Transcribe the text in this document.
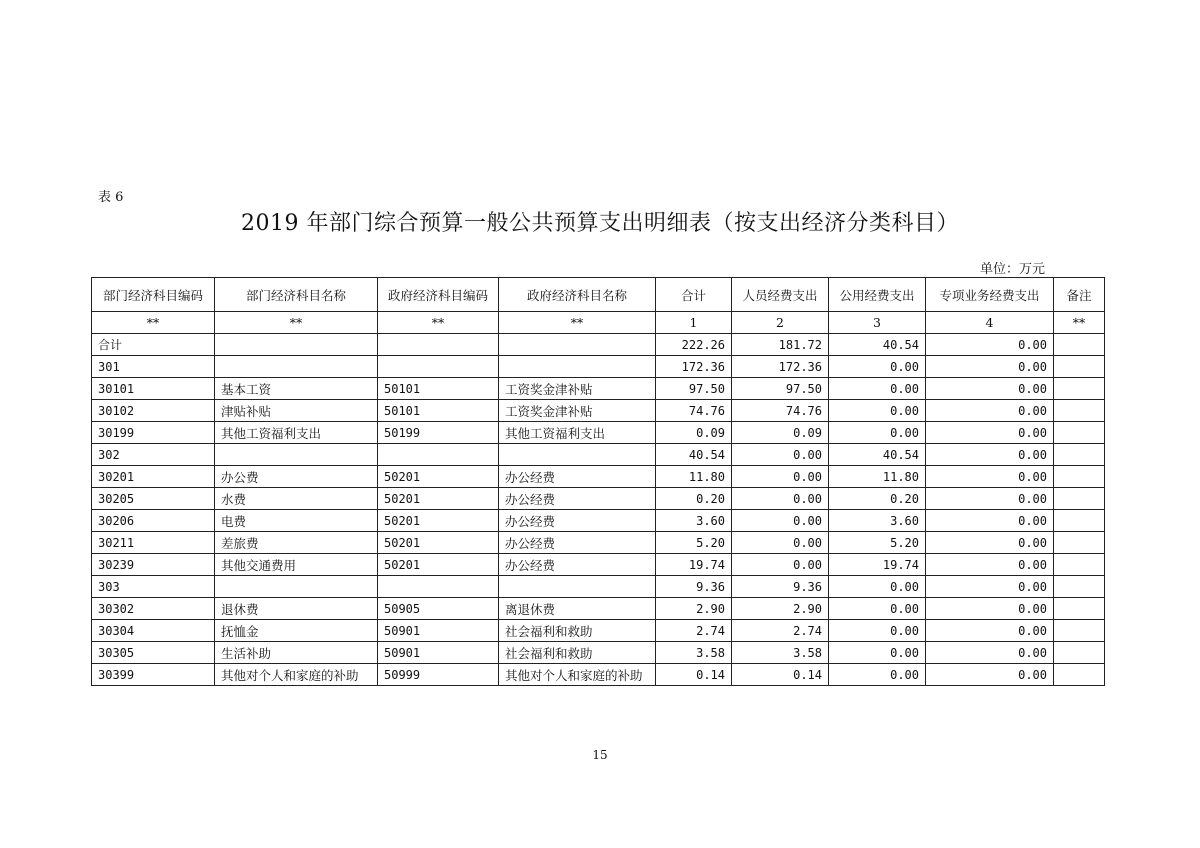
表 6
2019 年部门综合预算一般公共预算支出明细表（按支出经济分类科目）
单位：万元
部门经济科目编码	部门经济科目名称	政府经济科目编码	政府经济科目名称	合计	人员经费支出	公用经费支出	专项业务经费支出	备注
**	**	**	**	1	2	3	4	**
合计				222.26	181.72	40.54	0.00	
301				172.36	172.36	0.00	0.00	
30101	基本工资	50101	工资奖金津补贴	97.50	97.50	0.00	0.00	
30102	津贴补贴	50101	工资奖金津补贴	74.76	74.76	0.00	0.00	
30199	其他工资福利支出	50199	其他工资福利支出	0.09	0.09	0.00	0.00	
302				40.54	0.00	40.54	0.00	
30201	办公费	50201	办公经费	11.80	0.00	11.80	0.00	
30205	水费	50201	办公经费	0.20	0.00	0.20	0.00	
30206	电费	50201	办公经费	3.60	0.00	3.60	0.00	
30211	差旅费	50201	办公经费	5.20	0.00	5.20	0.00	
30239	其他交通费用	50201	办公经费	19.74	0.00	19.74	0.00	
303				9.36	9.36	0.00	0.00	
30302	退休费	50905	离退休费	2.90	2.90	0.00	0.00	
30304	抚恤金	50901	社会福利和救助	2.74	2.74	0.00	0.00	
30305	生活补助	50901	社会福利和救助	3.58	3.58	0.00	0.00	
30399	其他对个人和家庭的补助	50999	其他对个人和家庭的补助	0.14	0.14	0.00	0.00	
15
